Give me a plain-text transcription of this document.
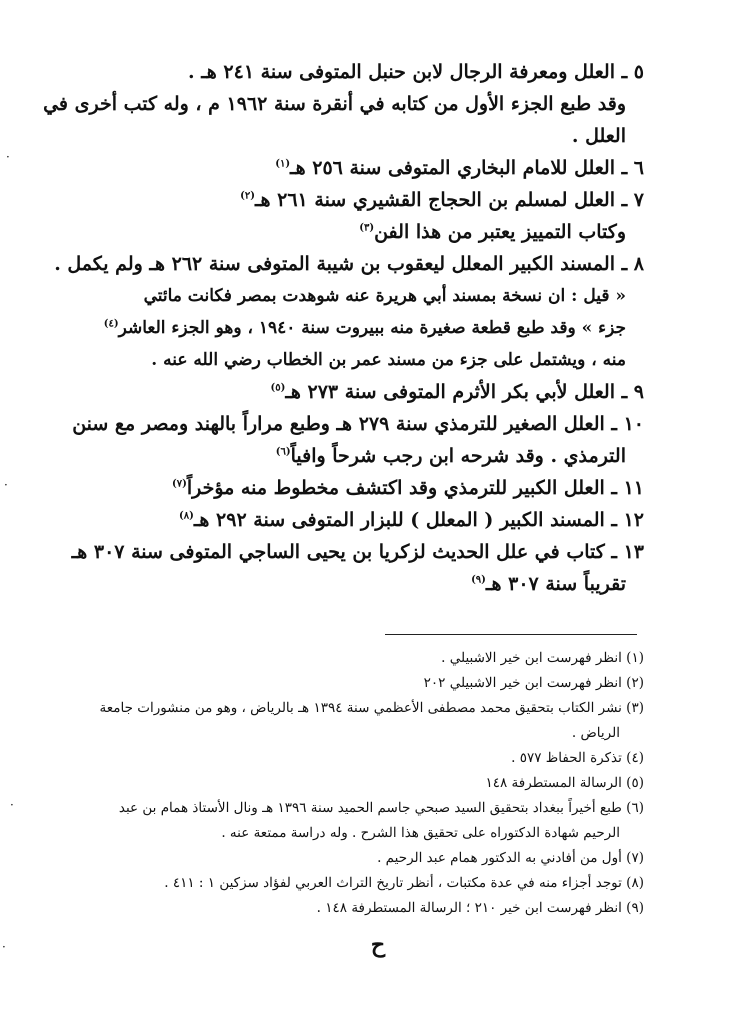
٥ ـ العلل ومعرفة الرجال لابن حنبل المتوفى سنة ٢٤١ هـ .
وقد طبع الجزء الأول من كتابه في أنقرة سنة ١٩٦٢ م ، وله كتب أخرى في
العلل .
٦ ـ العلل للامام البخاري المتوفى سنة ٢٥٦ هـ$^{(١)}$
٧ ـ العلل لمسلم بن الحجاج القشيري سنة ٢٦١ هـ$^{(٢)}$
وكتاب التمييز يعتبر من هذا الفن$^{(٣)}$
٨ ـ المسند الكبير المعلل ليعقوب بن شيبة المتوفى سنة ٢٦٢ هـ ولم يكمل .
« قيل : ان نسخة بمسند أبي هريرة عنه شوهدت بمصر فكانت مائتي
جزء » وقد طبع قطعة صغيرة منه ببيروت سنة ١٩٤٠ ، وهو الجزء العاشر$^{(٤)}$
منه ، ويشتمل على جزء من مسند عمر بن الخطاب رضي الله عنه .
٩ ـ العلل لأبي بكر الأثرم المتوفى سنة ٢٧٣ هـ$^{(٥)}$
١٠ ـ العلل الصغير للترمذي سنة ٢٧٩ هـ وطبع مراراً بالهند ومصر مع سنن
الترمذي . وقد شرحه ابن رجب شرحاً وافياً$^{(٦)}$
١١ ـ العلل الكبير للترمذي وقد اكتشف مخطوط منه مؤخراً$^{(٧)}$
١٢ ـ المسند الكبير ( المعلل ) للبزار المتوفى سنة ٢٩٢ هـ$^{(٨)}$
١٣ ـ كتاب في علل الحديث لزكريا بن يحيى الساجي المتوفى سنة ٣٠٧ هـ
تقريباً سنة ٣٠٧ هـ$^{(٩)}$
(١) انظر فهرست ابن خير الاشبيلي .
(٢) انظر فهرست ابن خير الاشبيلي ٢٠٢
(٣) نشر الكتاب بتحقيق محمد مصطفى الأعظمي سنة ١٣٩٤ هـ بالرياض ، وهو من منشورات جامعة
الرياض .
(٤) تذكرة الحفاظ ٥٧٧ .
(٥) الرسالة المستطرفة ١٤٨
(٦) طبع أخيراً ببغداد بتحقيق السيد صبحي جاسم الحميد سنة ١٣٩٦ هـ ونال الأستاذ همام بن عبد
الرحيم شهادة الدكتوراه على تحقيق هذا الشرح . وله دراسة ممتعة عنه .
(٧) أول من أفادني به الدكتور همام عبد الرحيم .
(٨) توجد أجزاء منه في عدة مكتبات ، أنظر تاريخ التراث العربي لفؤاد سزكين ١ : ٤١١ .
(٩) انظر فهرست ابن خير ٢١٠ ؛ الرسالة المستطرفة ١٤٨ .
ح
·
·
·
·
